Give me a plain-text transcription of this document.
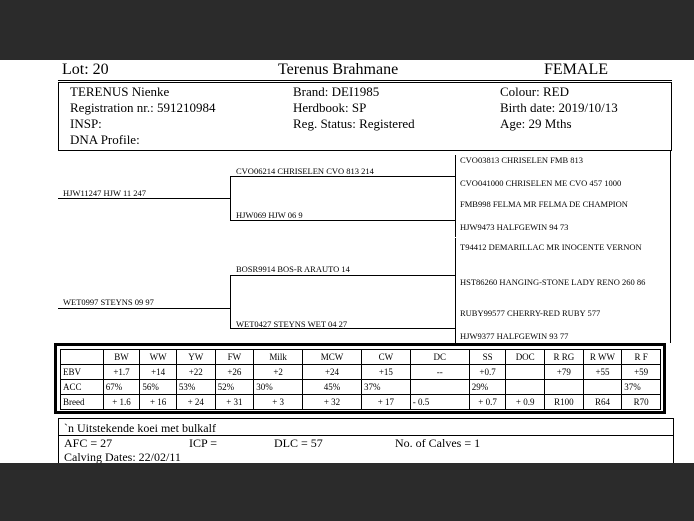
Lot: 20	Terenus Brahmane	FEMALE
TERENUS Nienke
Registration nr.: 591210984
INSP:
DNA Profile:
Brand: DEI1985
Herdbook: SP
Reg. Status: Registered
Colour: RED
Birth date: 2019/10/13
Age: 29 Mths
HJW11247 HJW 11 247
WET0997 STEYNS 09 97
CVO06214 CHRISELEN CVO 813 214
HJW069 HJW 06 9
BOSR9914 BOS-R ARAUTO 14
WET0427 STEYNS WET 04 27
CVO03813 CHRISELEN FMB 813
CVO041000 CHRISELEN ME CVO 457 1000
FMB998 FELMA MR FELMA DE CHAMPION
HJW9473 HALFGEWIN 94 73
T94412 DEMARILLAC MR INOCENTE VERNON
HST86260 HANGING-STONE LADY RENO 260 86
RUBY99577 CHERRY-RED RUBY 577
HJW9377 HALFGEWIN 93 77
	BW	WW	YW	FW	Milk	MCW	CW	DC	SS	DOC	R RG	R WW	R F
EBV	+1.7	+14	+22	+26	+2	+24	+15	--	+0.7		+79	+55	+59
ACC	67%	56%	53%	52%	30%	45%	37%		29%				37%
Breed	+ 1.6	+ 16	+ 24	+ 31	+ 3	+ 32	+ 17	- 0.5	+ 0.7	+ 0.9	R100	R64	R70
`n Uitstekende koei met bulkalf
AFC = 27	ICP =	DLC = 57	No. of Calves = 1
Calving Dates: 22/02/11
